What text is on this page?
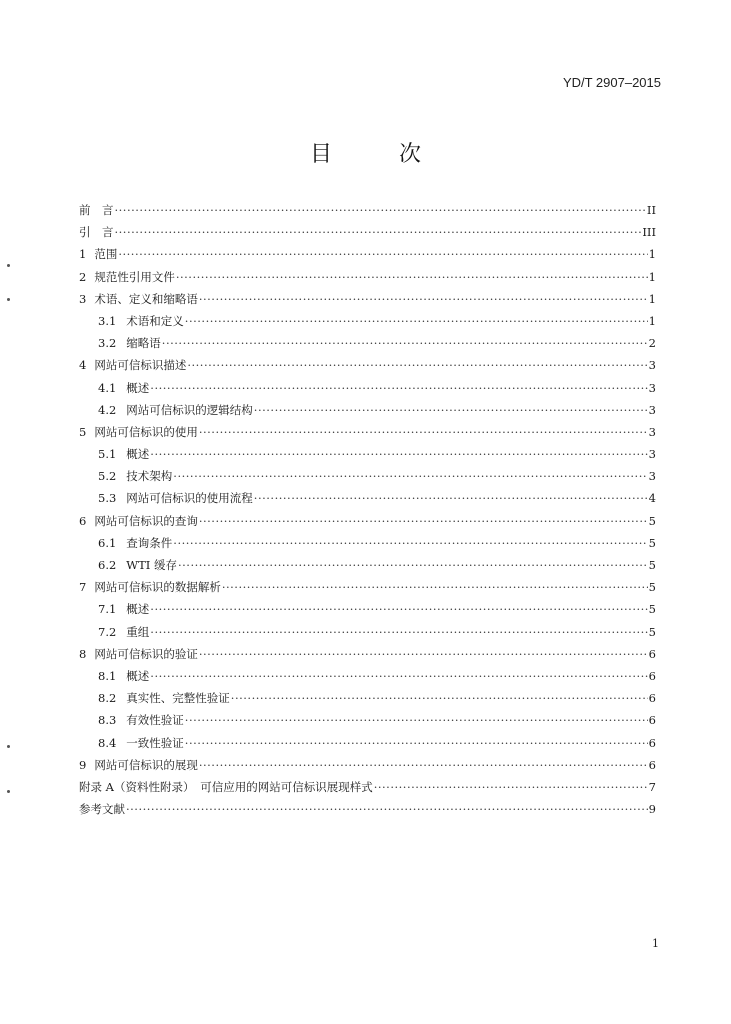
YD/T 2907–2015
目 次
前　言 ·····	II
引　言 ·····	III
1 范围 ·····	1
2 规范性引用文件 ·····	1
3 术语、定义和缩略语 ·····	1
3.1 术语和定义 ·····	1
3.2 缩略语 ·····	2
4 网站可信标识描述 ·····	3
4.1 概述 ·····	3
4.2 网站可信标识的逻辑结构 ·····	3
5 网站可信标识的使用 ·····	3
5.1 概述 ·····	3
5.2 技术架构 ·····	3
5.3 网站可信标识的使用流程 ·····	4
6 网站可信标识的查询 ·····	5
6.1 查询条件 ·····	5
6.2 WTI 缓存 ·····	5
7 网站可信标识的数据解析 ·····	5
7.1 概述 ·····	5
7.2 重组 ·····	5
8 网站可信标识的验证 ·····	6
8.1 概述 ·····	6
8.2 真实性、完整性验证 ·····	6
8.3 有效性验证 ·····	6
8.4 一致性验证 ·····	6
9 网站可信标识的展现 ·····	6
附录 A（资料性附录）　可信应用的网站可信标识展现样式 ·····	7
参考文献 ·····	9
1
